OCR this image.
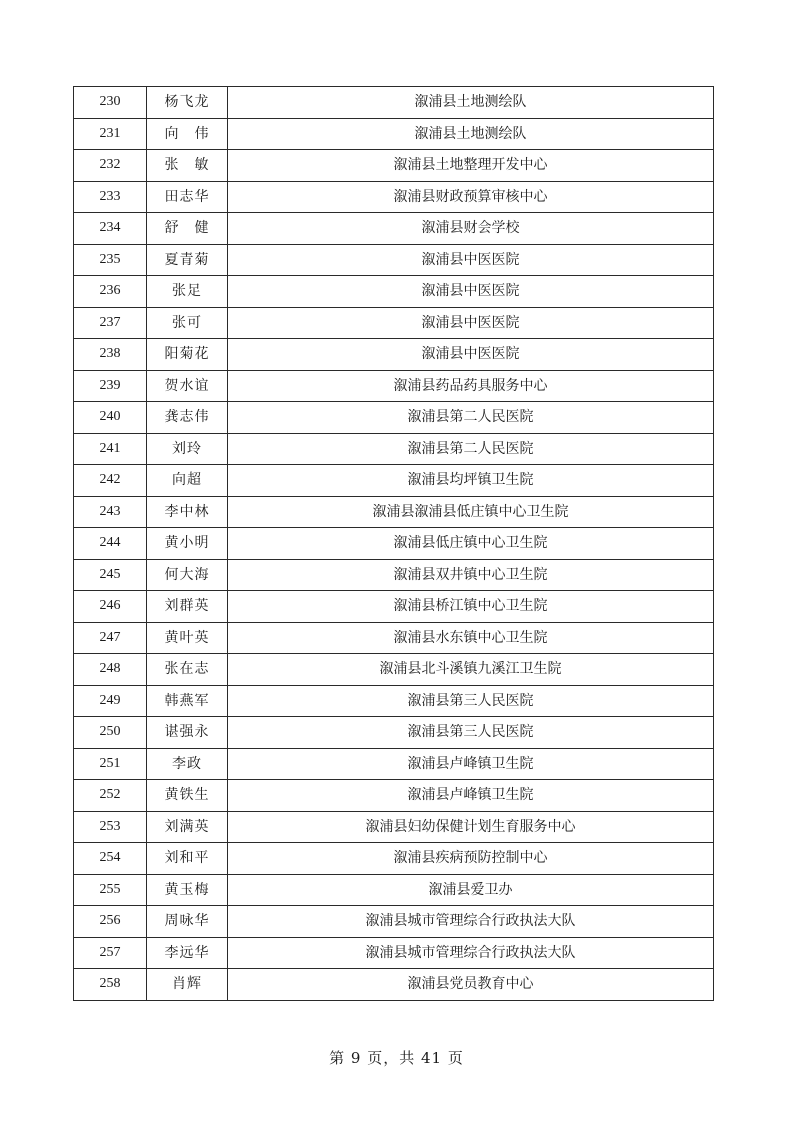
230	杨飞龙	溆浦县土地测绘队
231	向　伟	溆浦县土地测绘队
232	张　敏	溆浦县土地整理开发中心
233	田志华	溆浦县财政预算审核中心
234	舒　健	溆浦县财会学校
235	夏青菊	溆浦县中医医院
236	张足	溆浦县中医医院
237	张可	溆浦县中医医院
238	阳菊花	溆浦县中医医院
239	贺水谊	溆浦县药品药具服务中心
240	龚志伟	溆浦县第二人民医院
241	刘玲	溆浦县第二人民医院
242	向超	溆浦县均坪镇卫生院
243	李中林	溆浦县溆浦县低庄镇中心卫生院
244	黄小明	溆浦县低庄镇中心卫生院
245	何大海	溆浦县双井镇中心卫生院
246	刘群英	溆浦县桥江镇中心卫生院
247	黄叶英	溆浦县水东镇中心卫生院
248	张在志	溆浦县北斗溪镇九溪江卫生院
249	韩燕军	溆浦县第三人民医院
250	谌强永	溆浦县第三人民医院
251	李政	溆浦县卢峰镇卫生院
252	黄铁生	溆浦县卢峰镇卫生院
253	刘满英	溆浦县妇幼保健计划生育服务中心
254	刘和平	溆浦县疾病预防控制中心
255	黄玉梅	溆浦县爱卫办
256	周咏华	溆浦县城市管理综合行政执法大队
257	李远华	溆浦县城市管理综合行政执法大队
258	肖辉	溆浦县党员教育中心
第 9 页，共 41 页
